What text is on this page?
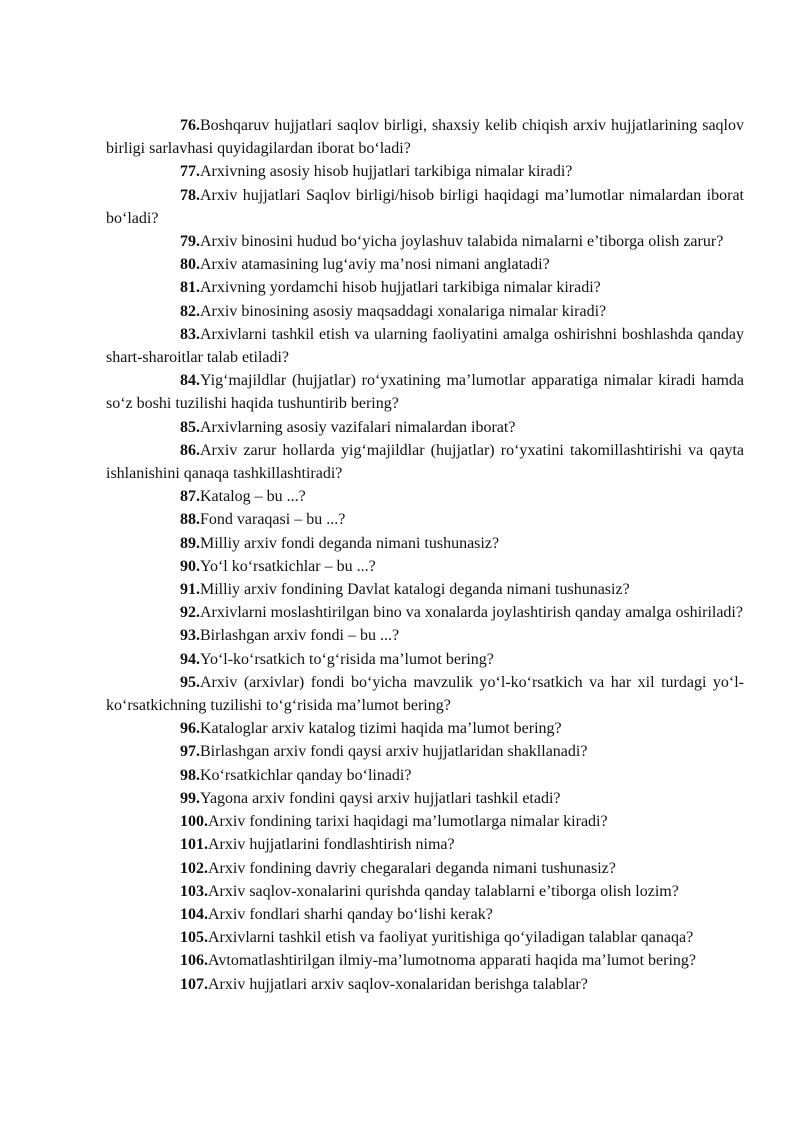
76.Boshqaruv hujjatlari saqlov birligi, shaxsiy kelib chiqish arxiv hujjatlarining saqlov birligi sarlavhasi quyidagilardan iborat bo‘ladi?

77.Arxivning asosiy hisob hujjatlari tarkibiga nimalar kiradi?

78.Arxiv hujjatlari Saqlov birligi/hisob birligi haqidagi ma’lumotlar nimalardan iborat bo‘ladi?

79.Arxiv binosini hudud bo‘yicha joylashuv talabida nimalarni e’tiborga olish zarur?

80.Arxiv atamasining lug‘aviy ma’nosi nimani anglatadi?

81.Arxivning yordamchi hisob hujjatlari tarkibiga nimalar kiradi?

82.Arxiv binosining asosiy maqsaddagi xonalariga nimalar kiradi?

83.Arxivlarni tashkil etish va ularning faoliyatini amalga oshirishni boshlashda qanday shart-sharoitlar talab etiladi?

84.Yig‘majildlar (hujjatlar) ro‘yxatining ma’lumotlar apparatiga nimalar kiradi hamda so‘z boshi tuzilishi haqida tushuntirib bering?

85.Arxivlarning asosiy vazifalari nimalardan iborat?

86.Arxiv zarur hollarda yig‘majildlar (hujjatlar) ro‘yxatini takomillashtirishi va qayta ishlanishini qanaqa tashkillashtiradi?

87.Katalog – bu ...?

88.Fond varaqasi – bu ...?

89.Milliy arxiv fondi deganda nimani tushunasiz?

90.Yo‘l ko‘rsatkichlar – bu ...?

91.Milliy arxiv fondining Davlat katalogi deganda nimani tushunasiz?

92.Arxivlarni moslashtirilgan bino va xonalarda joylashtirish qanday amalga oshiriladi?

93.Birlashgan arxiv fondi – bu ...?

94.Yo‘l-ko‘rsatkich to‘g‘risida ma’lumot bering?

95.Arxiv (arxivlar) fondi bo‘yicha mavzulik yo‘l-ko‘rsatkich va har xil turdagi yo‘l-ko‘rsatkichning tuzilishi to‘g‘risida ma’lumot bering?

96.Kataloglar arxiv katalog tizimi haqida ma’lumot bering?

97.Birlashgan arxiv fondi qaysi arxiv hujjatlaridan shakllanadi?

98.Ko‘rsatkichlar qanday bo‘linadi?

99.Yagona arxiv fondini qaysi arxiv hujjatlari tashkil etadi?

100.Arxiv fondining tarixi haqidagi ma’lumotlarga nimalar kiradi?

101.Arxiv hujjatlarini fondlashtirish nima?

102.Arxiv fondining davriy chegaralari deganda nimani tushunasiz?

103.Arxiv saqlov-xonalarini qurishda qanday talablarni e’tiborga olish lozim?

104.Arxiv fondlari sharhi qanday bo‘lishi kerak?

105.Arxivlarni tashkil etish va faoliyat yuritishiga qo‘yiladigan talablar qanaqa?

106.Avtomatlashtirilgan ilmiy-ma’lumotnoma apparati haqida ma’lumot bering?

107.Arxiv hujjatlari arxiv saqlov-xonalaridan berishga talablar?
